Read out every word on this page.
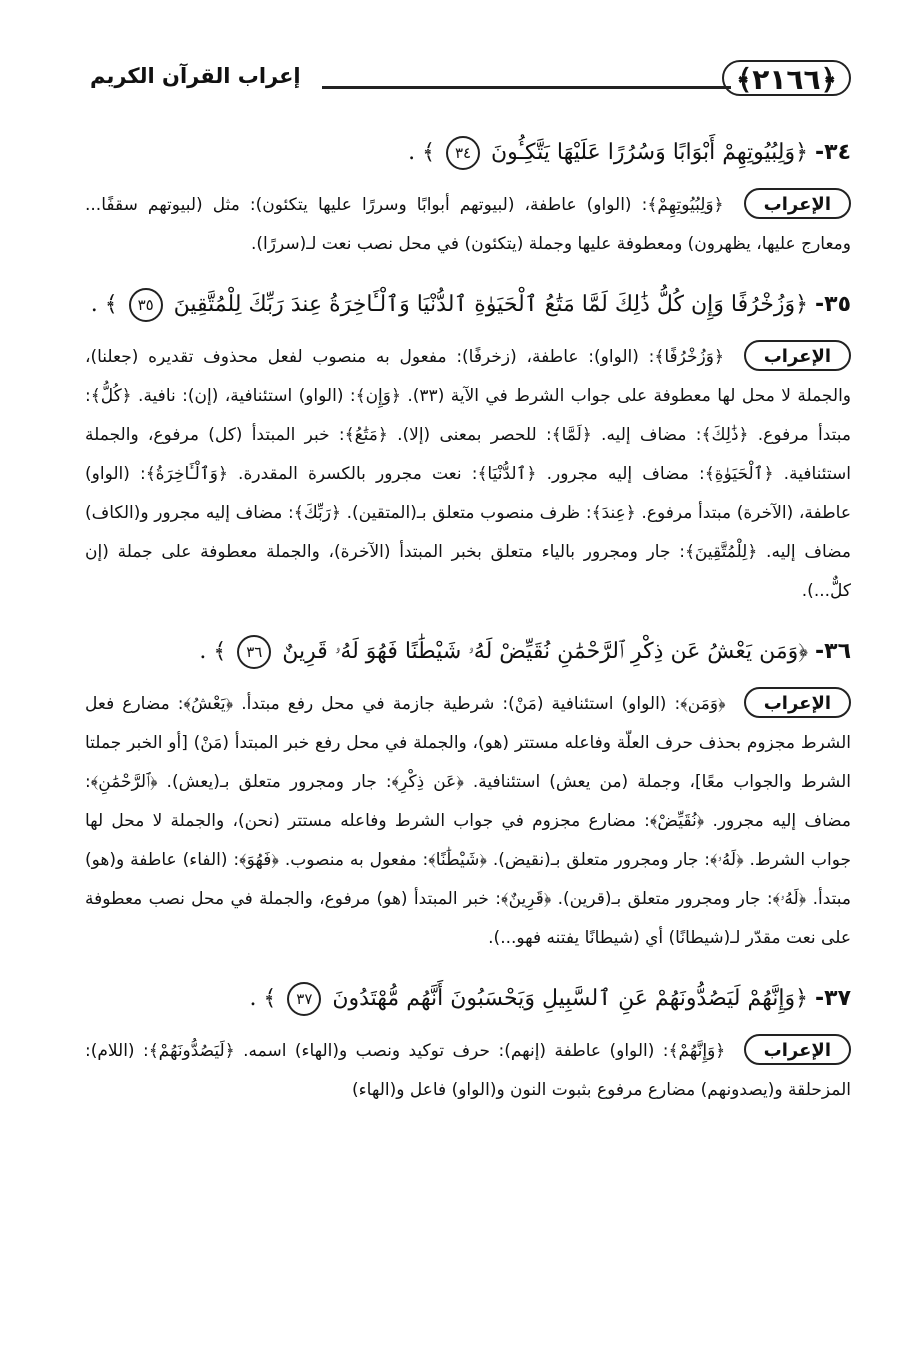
﴿٢١٦٦﴾
إعراب القرآن الكريم

٣٤- ﴿وَلِبُيُوتِهِمْ أَبْوَابًا وَسُرُرًا عَلَيْهَا يَتَّكِـُٔونَ ٣٤ ﴾ .

الإعراب ﴿وَلِبُيُوتِهِمْ﴾: (الواو) عاطفة، (لبيوتهم أبوابًا وسررًا عليها يتكئون): مثل (لبيوتهم سقفًا... ومعارج عليها، يظهرون) ومعطوفة عليها وجملة (يتكئون) في محل نصب نعت لـ(سررًا).

٣٥- ﴿وَزُخْرُفًا وَإِن كُلُّ ذَٰلِكَ لَمَّا مَتَٰعُ ٱلْحَيَوٰةِ ٱلدُّنْيَا وَٱلْـَٔاخِرَةُ عِندَ رَبِّكَ لِلْمُتَّقِينَ ٣٥ ﴾ .

الإعراب ﴿وَزُخْرُفًا﴾: (الواو): عاطفة، (زخرفًا): مفعول به منصوب لفعل محذوف تقديره (جعلنا)، والجملة لا محل لها معطوفة على جواب الشرط في الآية (٣٣). ﴿وَإِن﴾: (الواو) استئنافية، (إن): نافية. ﴿كُلُّ﴾: مبتدأ مرفوع. ﴿ذَٰلِكَ﴾: مضاف إليه. ﴿لَمَّا﴾: للحصر بمعنى (إلا). ﴿مَتَٰعُ﴾: خبر المبتدأ (كل) مرفوع، والجملة استئنافية. ﴿ٱلْحَيَوٰةِ﴾: مضاف إليه مجرور. ﴿ٱلدُّنْيَا﴾: نعت مجرور بالكسرة المقدرة. ﴿وَٱلْـَٔاخِرَةُ﴾: (الواو) عاطفة، (الآخرة) مبتدأ مرفوع. ﴿عِندَ﴾: ظرف منصوب متعلق بـ(المتقين). ﴿رَبِّكَ﴾: مضاف إليه مجرور و(الكاف) مضاف إليه. ﴿لِلْمُتَّقِينَ﴾: جار ومجرور بالياء متعلق بخبر المبتدأ (الآخرة)، والجملة معطوفة على جملة (إن كلٌّ...).

٣٦- ﴿وَمَن يَعْشُ عَن ذِكْرِ ٱلرَّحْمَٰنِ نُقَيِّضْ لَهُۥ شَيْطَٰنًا فَهُوَ لَهُۥ قَرِينٌ ٣٦ ﴾ .

الإعراب ﴿وَمَن﴾: (الواو) استئنافية (مَنْ): شرطية جازمة في محل رفع مبتدأ. ﴿يَعْشُ﴾: مضارع فعل الشرط مجزوم بحذف حرف العلّة وفاعله مستتر (هو)، والجملة في محل رفع خبر المبتدأ (مَنْ) [أو الخبر جملتا الشرط والجواب معًا]، وجملة (من يعش) استئنافية. ﴿عَن ذِكْرِ﴾: جار ومجرور متعلق بـ(يعش). ﴿ٱلرَّحْمَٰنِ﴾: مضاف إليه مجرور. ﴿نُقَيِّضْ﴾: مضارع مجزوم في جواب الشرط وفاعله مستتر (نحن)، والجملة لا محل لها جواب الشرط. ﴿لَهُۥ﴾: جار ومجرور متعلق بـ(نقيض). ﴿شَيْطَٰنًا﴾: مفعول به منصوب. ﴿فَهُوَ﴾: (الفاء) عاطفة و(هو) مبتدأ. ﴿لَهُۥ﴾: جار ومجرور متعلق بـ(قرين). ﴿قَرِينٌ﴾: خبر المبتدأ (هو) مرفوع، والجملة في محل نصب معطوفة على نعت مقدّر لـ(شيطانًا) أي (شيطانًا يفتنه فهو...).

٣٧- ﴿وَإِنَّهُمْ لَيَصُدُّونَهُمْ عَنِ ٱلسَّبِيلِ وَيَحْسَبُونَ أَنَّهُم مُّهْتَدُونَ ٣٧ ﴾ .

الإعراب ﴿وَإِنَّهُمْ﴾: (الواو) عاطفة (إنهم): حرف توكيد ونصب و(الهاء) اسمه. ﴿لَيَصُدُّونَهُمْ﴾: (اللام): المزحلقة و(يصدونهم) مضارع مرفوع بثبوت النون و(الواو) فاعل و(الهاء)
